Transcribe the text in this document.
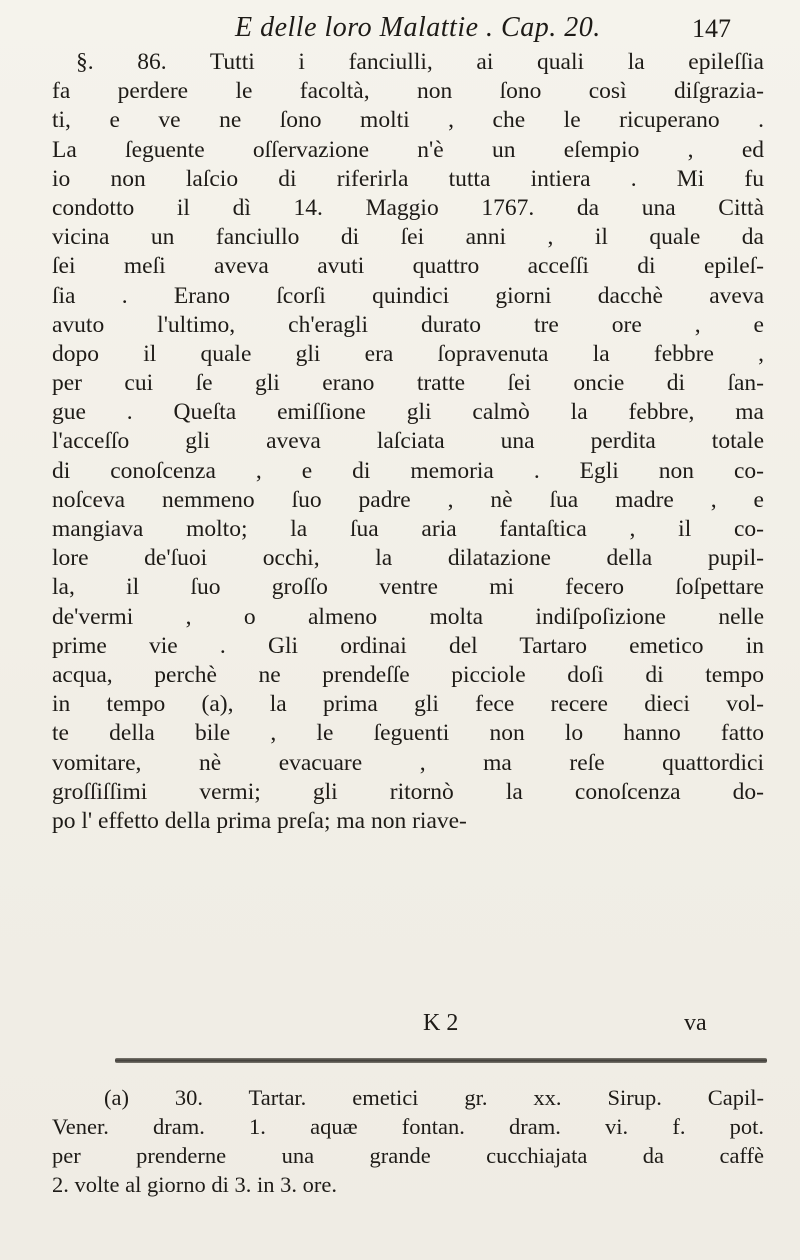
E delle loro Malattie . Cap. 20.	147
§. 86. Tutti i fanciulli, ai quali la epileſſia
fa perdere le facoltà, non ſono così diſgrazia-
ti, e ve ne ſono molti , che le ricuperano .
La ſeguente oſſervazione n'è un eſempio , ed
io non laſcio di riferirla tutta intiera . Mi fu
condotto il dì 14. Maggio 1767. da una Città
vicina un fanciullo di ſei anni , il quale da
ſei meſi aveva avuti quattro acceſſi di epileſ-
ſia . Erano ſcorſi quindici giorni dacchè aveva
avuto l'ultimo, ch'eragli durato tre ore , e
dopo il quale gli era ſopravenuta la febbre ,
per cui ſe gli erano tratte ſei oncie di ſan-
gue . Queſta emiſſione gli calmò la febbre, ma
l'acceſſo gli aveva laſciata una perdita totale
di conoſcenza , e di memoria . Egli non co-
noſceva nemmeno ſuo padre , nè ſua madre , e
mangiava molto; la ſua aria fantaſtica , il co-
lore de'ſuoi occhi, la dilatazione della pupil-
la, il ſuo groſſo ventre mi fecero ſoſpettare
de'vermi , o almeno molta indiſpoſizione nelle
prime vie . Gli ordinai del Tartaro emetico in
acqua, perchè ne prendeſſe picciole doſi di tempo
in tempo (a), la prima gli fece recere dieci vol-
te della bile , le ſeguenti non lo hanno fatto
vomitare, nè evacuare , ma reſe quattordici
groſſiſſimi vermi; gli ritornò la conoſcenza do-
po l' effetto della prima preſa; ma non riave-
K 2	va
(a) 30. Tartar. emetici gr. xx. Sirup. Capil-
Vener. dram. 1. aquæ fontan. dram. vi. f. pot.
per prenderne una grande cucchiajata da caffè
2. volte al giorno di 3. in 3. ore.
